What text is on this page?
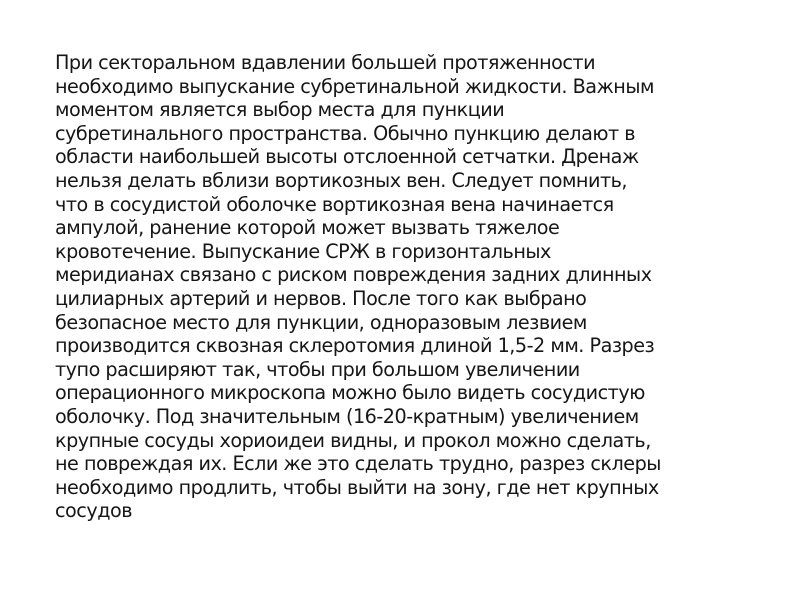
При секторальном вдавлении большей протяженности
необходимо выпускание субретинальной жидкости. Важным
моментом является выбор места для пункции
субретинального пространства. Обычно пункцию делают в
области наибольшей высоты отслоенной сетчатки. Дренаж
нельзя делать вблизи вортикозных вен. Следует помнить,
что в сосудистой оболочке вортикозная вена начинается
ампулой, ранение которой может вызвать тяжелое
кровотечение. Выпускание СРЖ в горизонтальных
меридианах связано с риском повреждения задних длинных
цилиарных артерий и нервов. После того как выбрано
безопасное место для пункции, одноразовым лезвием
производится сквозная склеротомия длиной 1,5-2 мм. Разрез
тупо расширяют так, чтобы при большом увеличении
операционного микроскопа можно было видеть сосудистую
оболочку. Под значительным (16-20-кратным) увеличением
крупные сосуды хориоидеи видны, и прокол можно сделать,
не повреждая их. Если же это сделать трудно, разрез склеры
необходимо продлить, чтобы выйти на зону, где нет крупных
сосудов
